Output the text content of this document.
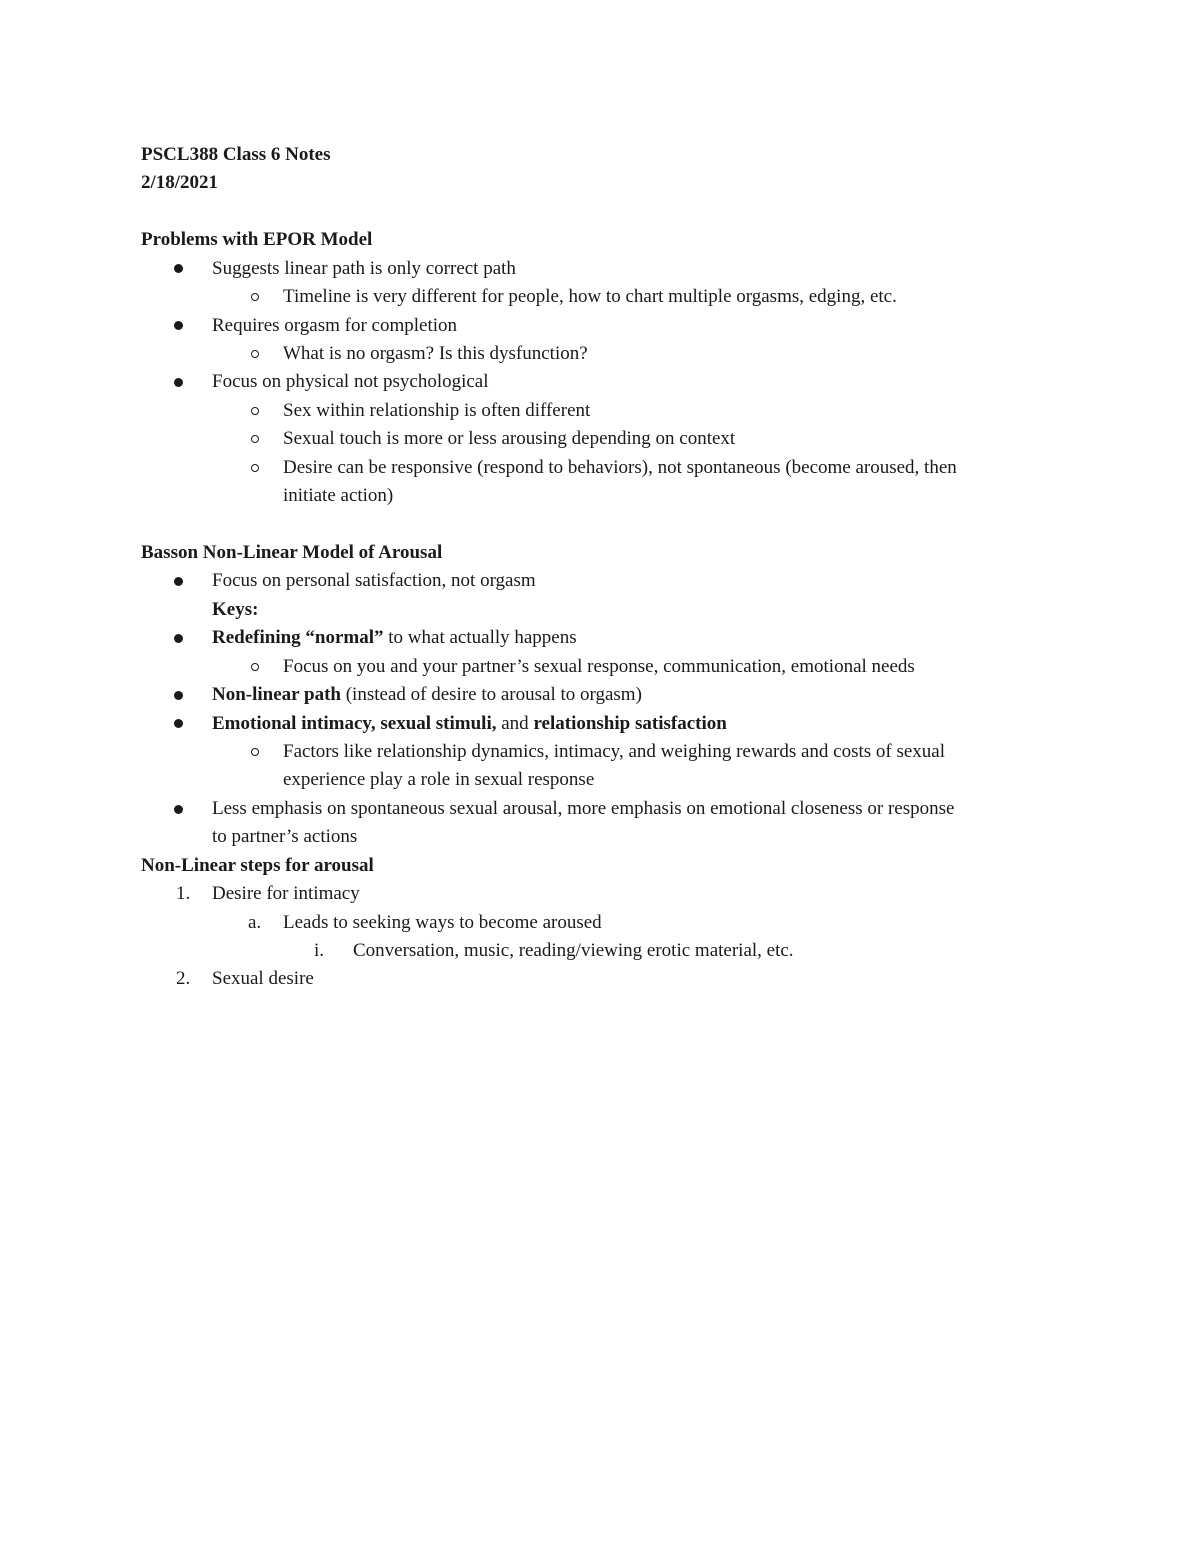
PSCL388 Class 6 Notes
2/18/2021
Problems with EPOR Model
Suggests linear path is only correct path
Timeline is very different for people, how to chart multiple orgasms, edging, etc.
Requires orgasm for completion
What is no orgasm? Is this dysfunction?
Focus on physical not psychological
Sex within relationship is often different
Sexual touch is more or less arousing depending on context
Desire can be responsive (respond to behaviors), not spontaneous (become aroused, then
initiate action)
Basson Non-Linear Model of Arousal
Focus on personal satisfaction, not orgasm
Keys:
Redefining “normal” to what actually happens
Focus on you and your partner’s sexual response, communication, emotional needs
Non-linear path (instead of desire to arousal to orgasm)
Emotional intimacy, sexual stimuli, and relationship satisfaction
Factors like relationship dynamics, intimacy, and weighing rewards and costs of sexual
experience play a role in sexual response
Less emphasis on spontaneous sexual arousal, more emphasis on emotional closeness or response
to partner’s actions
Non-Linear steps for arousal
1. Desire for intimacy
a. Leads to seeking ways to become aroused
i. Conversation, music, reading/viewing erotic material, etc.
2. Sexual desire
